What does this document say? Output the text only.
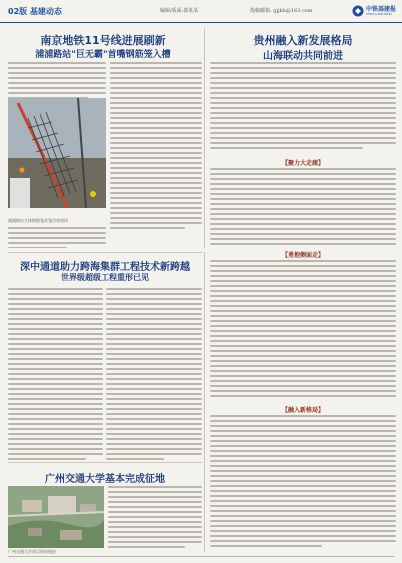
02版 基建动态	编辑/版面:郭某某	投稿邮箱: gjjkh@163.com	中铁基建报
CHINA RAILWAY
南京地铁11号线进展刷新
浦浦路站"巨无霸"首嘴钢筋笼入槽
浦浦路站主体钢筋笼首笼吊装现场
贵州融入新发展格局
山海联动共同前进
【聚力大走廊】
【勇抱侧面走】
【融入新格局】
深中通道助力跨海集群工程技术新跨越
世界级超级工程重形已见
广州交通大学基本完成征地
广州交通大学项目现场航拍
